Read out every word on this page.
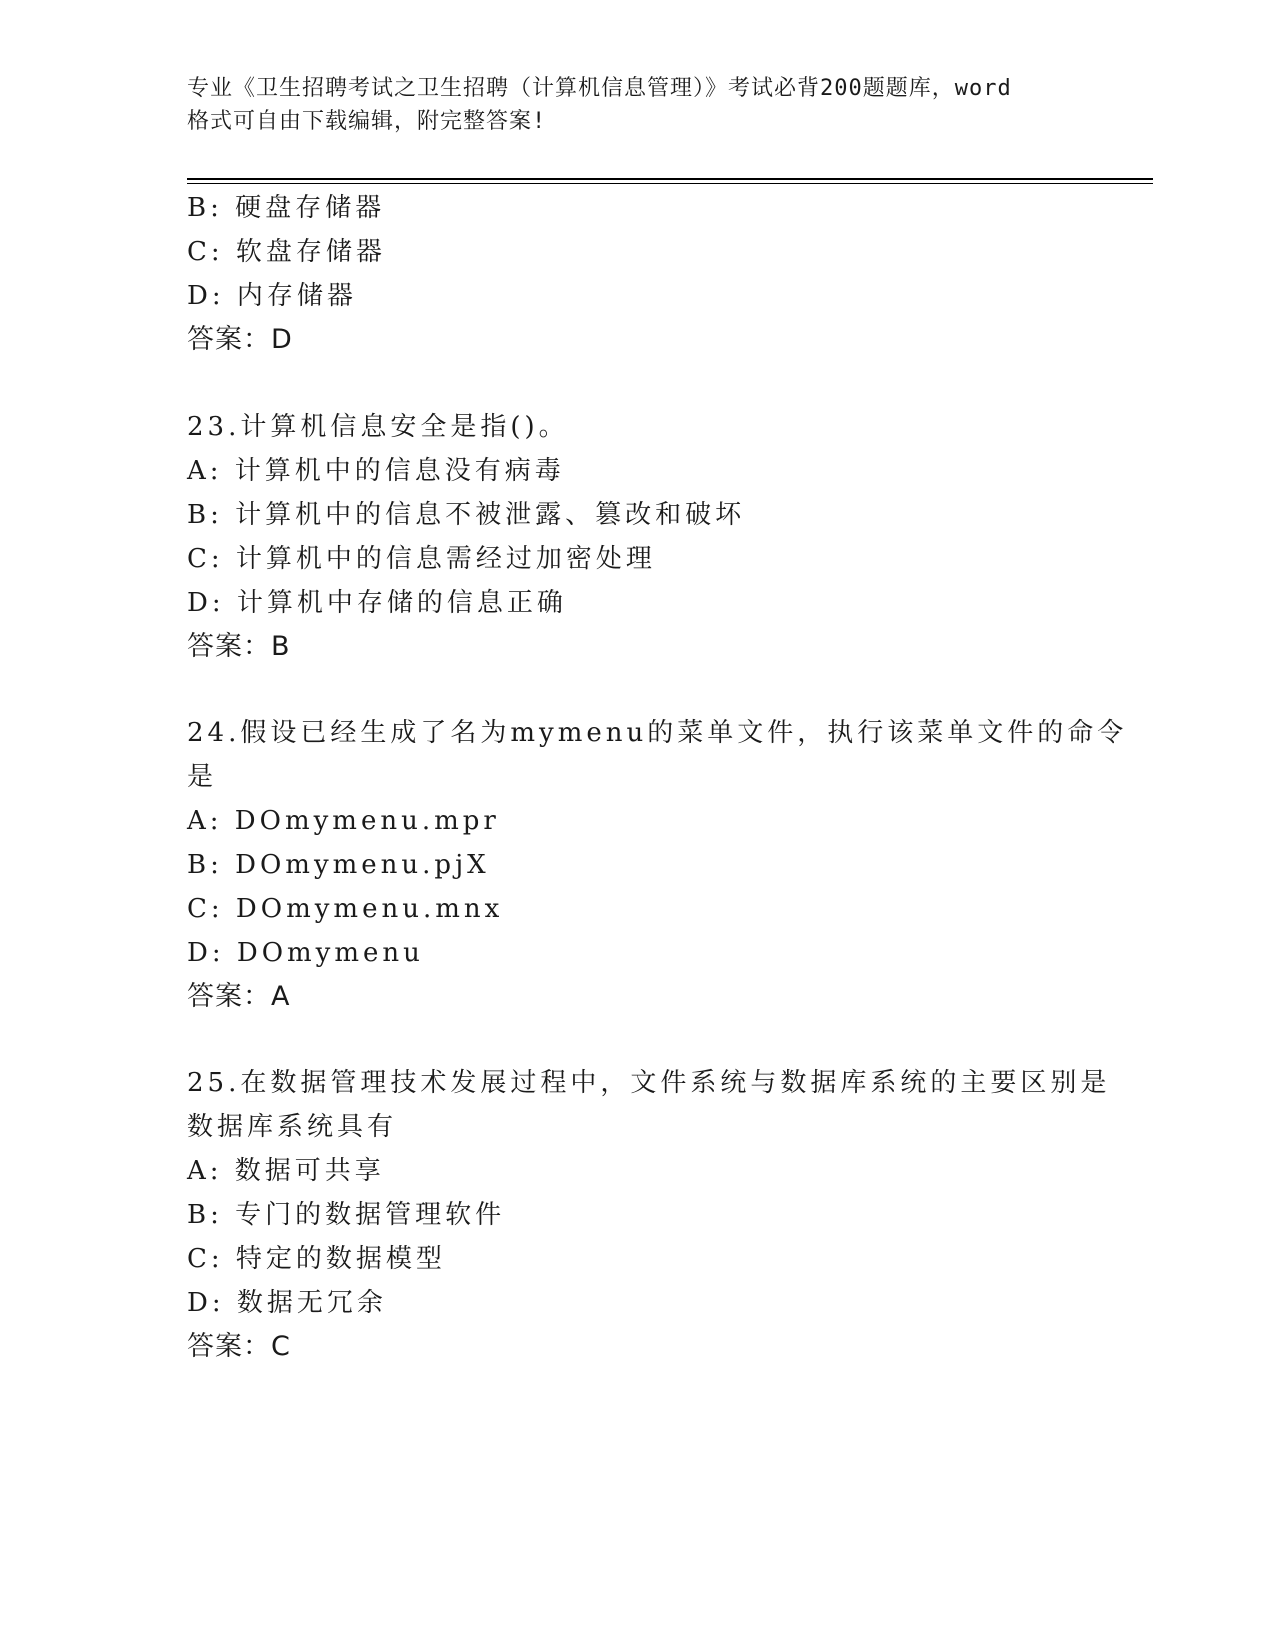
专业《卫生招聘考试之卫生招聘（计算机信息管理）》考试必背200题题库，word
格式可自由下载编辑，附完整答案!
B: 硬盘存储器
C: 软盘存储器
D: 内存储器
答案：D
23.计算机信息安全是指()。
A: 计算机中的信息没有病毒
B: 计算机中的信息不被泄露、篡改和破坏
C: 计算机中的信息需经过加密处理
D: 计算机中存储的信息正确
答案：B
24.假设已经生成了名为mymenu的菜单文件，执行该菜单文件的命令
是
A: DOmymenu.mpr
B: DOmymenu.pjX
C: DOmymenu.mnx
D: DOmymenu
答案：A
25.在数据管理技术发展过程中，文件系统与数据库系统的主要区别是
数据库系统具有
A: 数据可共享
B: 专门的数据管理软件
C: 特定的数据模型
D: 数据无冗余
答案：C
